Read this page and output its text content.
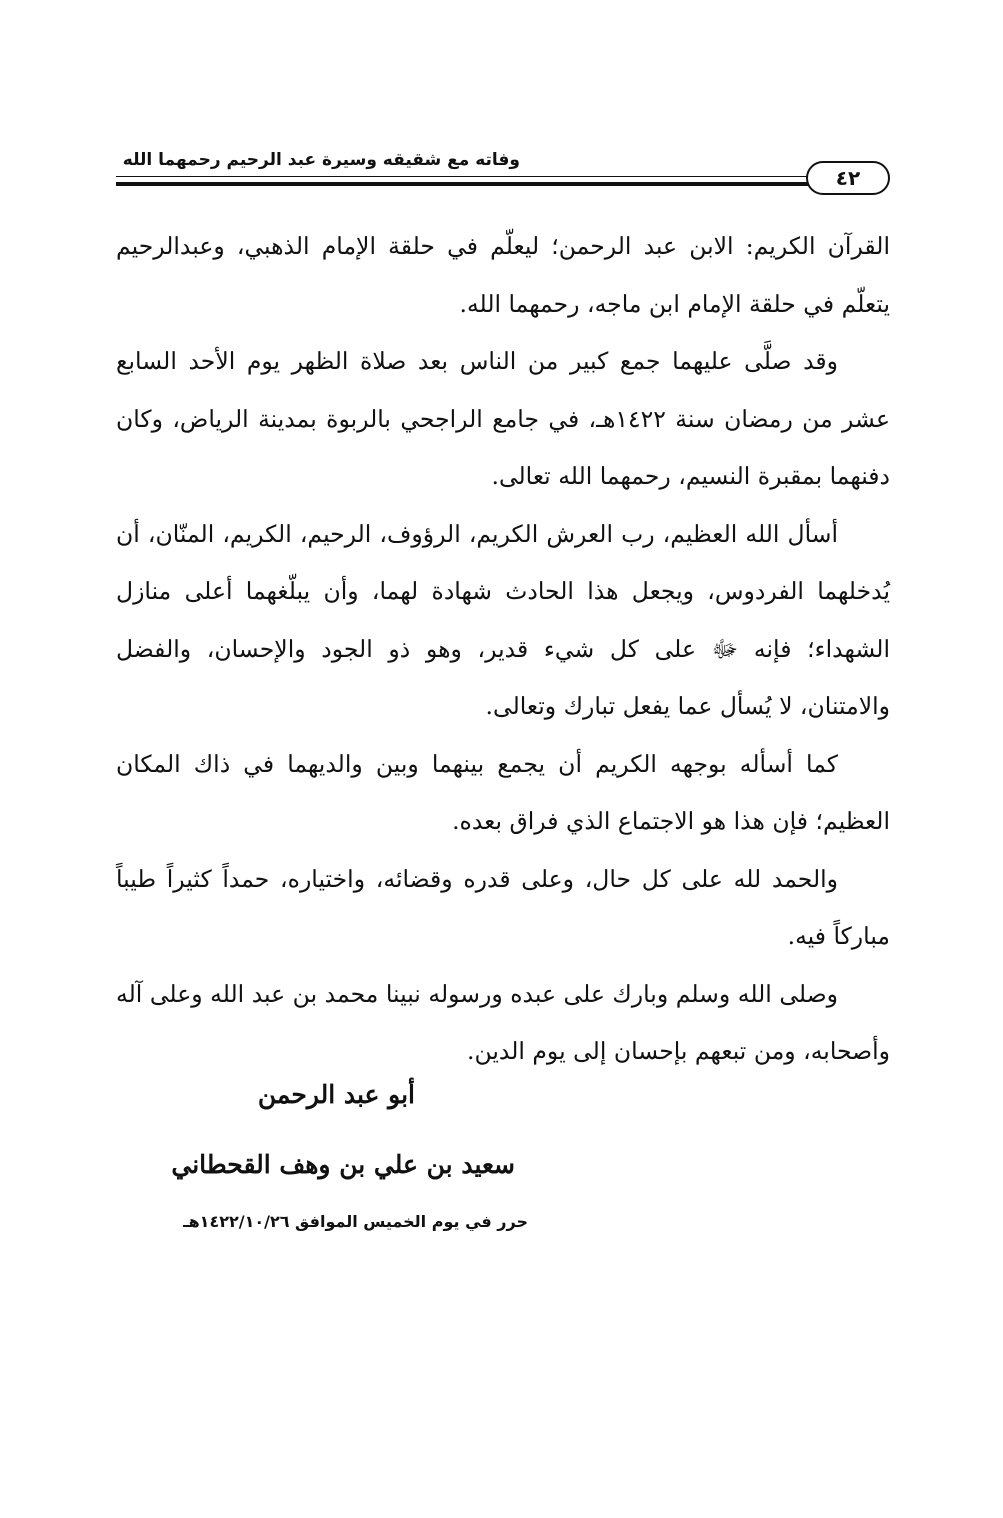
وفاته مع شقيقه وسيرة عبد الرحيم رحمهما الله
٤٢

القرآن الكريم: الابن عبد الرحمن؛ ليعلّم في حلقة الإمام الذهبي، وعبدالرحيم يتعلّم في حلقة الإمام ابن ماجه، رحمهما الله.

وقد صلَّى عليهما جمع كبير من الناس بعد صلاة الظهر يوم الأحد السابع عشر من رمضان سنة ١٤٢٢هـ، في جامع الراجحي بالربوة بمدينة الرياض، وكان دفنهما بمقبرة النسيم، رحمهما الله تعالى.

أسأل الله العظيم، رب العرش الكريم، الرؤوف، الرحيم، الكريم، المنّان، أن يُدخلهما الفردوس، ويجعل هذا الحادث شهادة لهما، وأن يبلّغهما أعلى منازل الشهداء؛ فإنه ﷻ على كل شيء قدير، وهو ذو الجود والإحسان، والفضل والامتنان، لا يُسأل عما يفعل تبارك وتعالى.

كما أسأله بوجهه الكريم أن يجمع بينهما وبين والديهما في ذاك المكان العظيم؛ فإن هذا هو الاجتماع الذي فراق بعده.

والحمد لله على كل حال، وعلى قدره وقضائه، واختياره، حمداً كثيراً طيباً مباركاً فيه.

وصلى الله وسلم وبارك على عبده ورسوله نبينا محمد بن عبد الله وعلى آله وأصحابه، ومن تبعهم بإحسان إلى يوم الدين.

أبو عبد الرحمن
سعيد بن علي بن وهف القحطاني
حرر في يوم الخميس الموافق ١٤٢٢/١٠/٢٦هـ
